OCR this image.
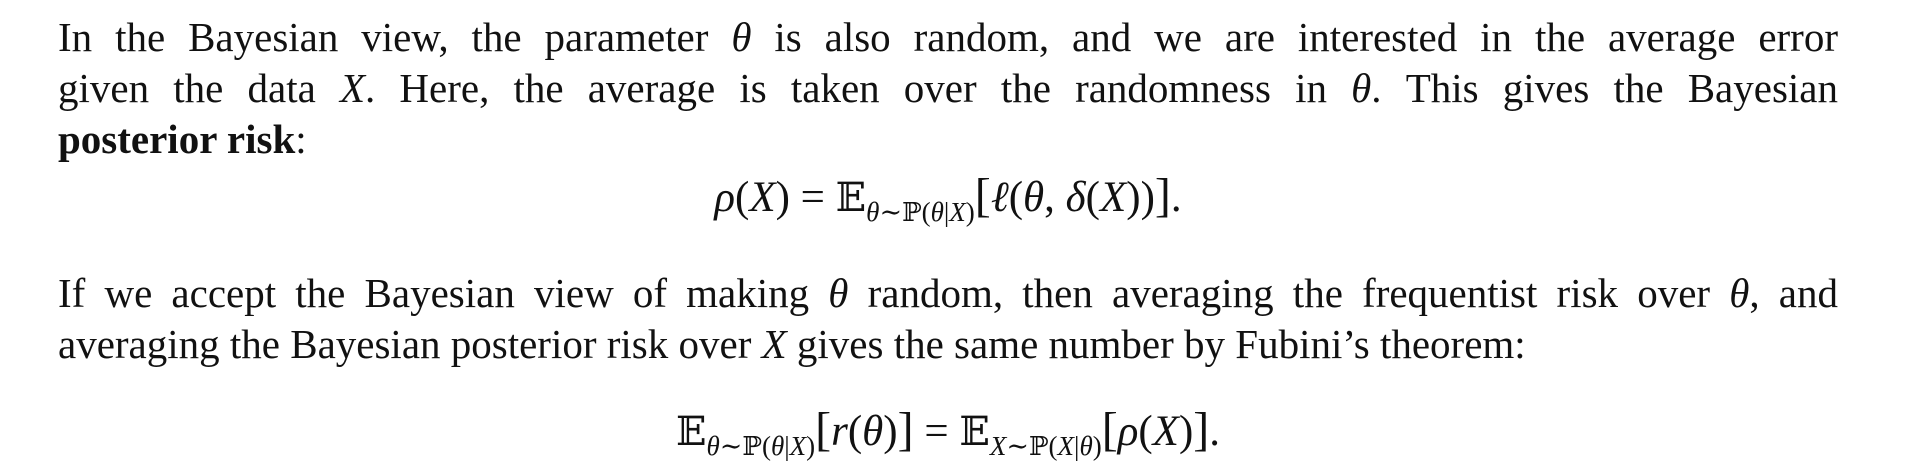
In the Bayesian view, the parameter θ is also random, and we are interested in the average error
given the data X. Here, the average is taken over the randomness in θ. This gives the Bayesian
posterior risk:

ρ(X) = 𝔼$_{\theta\sim ℙ(\theta|X)}$[ℓ(θ, δ(X))].

If we accept the Bayesian view of making θ random, then averaging the frequentist risk over θ, and
averaging the Bayesian posterior risk over X gives the same number by Fubini’s theorem:

𝔼$_{\theta\sim ℙ(\theta|X)}$[r(θ)] = 𝔼$_{X\sim ℙ(X|\theta)}$[ρ(X)].
